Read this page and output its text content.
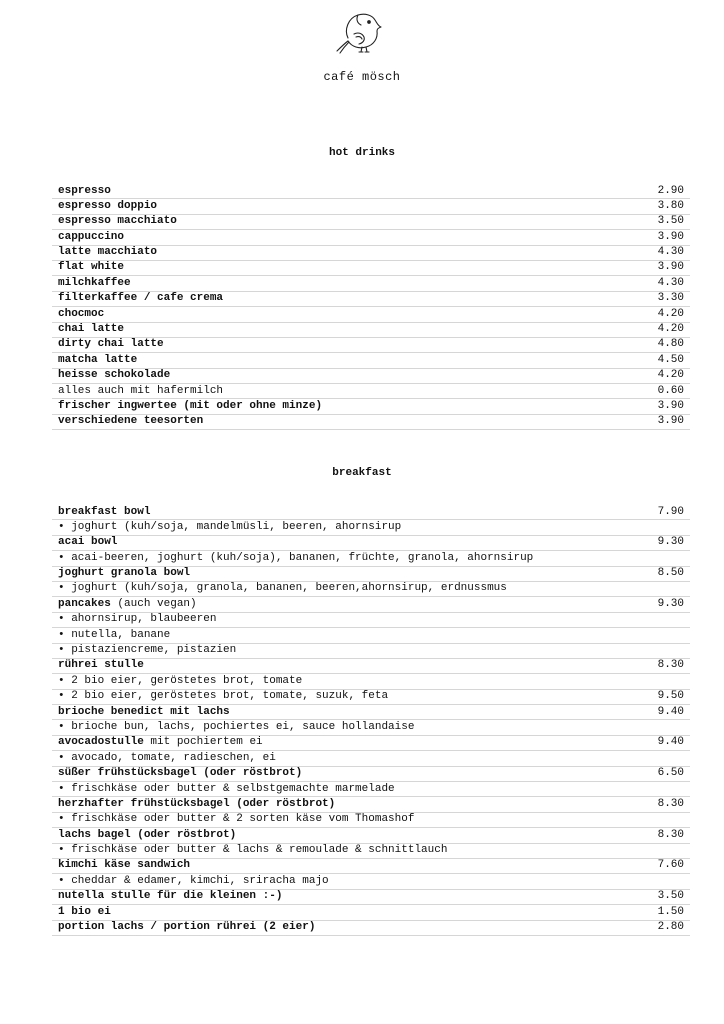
café mösch
hot drinks
espresso	2.90
espresso doppio	3.80
espresso macchiato	3.50
cappuccino	3.90
latte macchiato	4.30
flat white	3.90
milchkaffee	4.30
filterkaffee / cafe crema	3.30
chocmoc	4.20
chai latte	4.20
dirty chai latte	4.80
matcha latte	4.50
heisse schokolade	4.20
alles auch mit hafermilch	0.60
frischer ingwertee (mit oder ohne minze)	3.90
verschiedene teesorten	3.90
breakfast
breakfast bowl	7.90
• joghurt (kuh/soja, mandelmüsli, beeren, ahornsirup
acai bowl	9.30
• acai-beeren, joghurt (kuh/soja), bananen, früchte, granola, ahornsirup
joghurt granola bowl	8.50
• joghurt (kuh/soja, granola, bananen, beeren,ahornsirup, erdnussmus
pancakes (auch vegan)	9.30
• ahornsirup, blaubeeren
• nutella, banane
• pistaziencreme, pistazien
rührei stulle	8.30
• 2 bio eier, geröstetes brot, tomate
• 2 bio eier, geröstetes brot, tomate, suzuk, feta	9.50
brioche benedict mit lachs	9.40
• brioche bun, lachs, pochiertes ei, sauce hollandaise
avocadostulle mit pochiertem ei	9.40
• avocado, tomate, radieschen, ei
süßer frühstücksbagel (oder röstbrot)	6.50
• frischkäse oder butter & selbstgemachte marmelade
herzhafter frühstücksbagel (oder röstbrot)	8.30
• frischkäse oder butter & 2 sorten käse vom Thomashof
lachs bagel (oder röstbrot)	8.30
• frischkäse oder butter & lachs & remoulade & schnittlauch
kimchi käse sandwich	7.60
• cheddar & edamer, kimchi, sriracha majo
nutella stulle für die kleinen :-)	3.50
1 bio ei	1.50
portion lachs / portion rührei (2 eier)	2.80
